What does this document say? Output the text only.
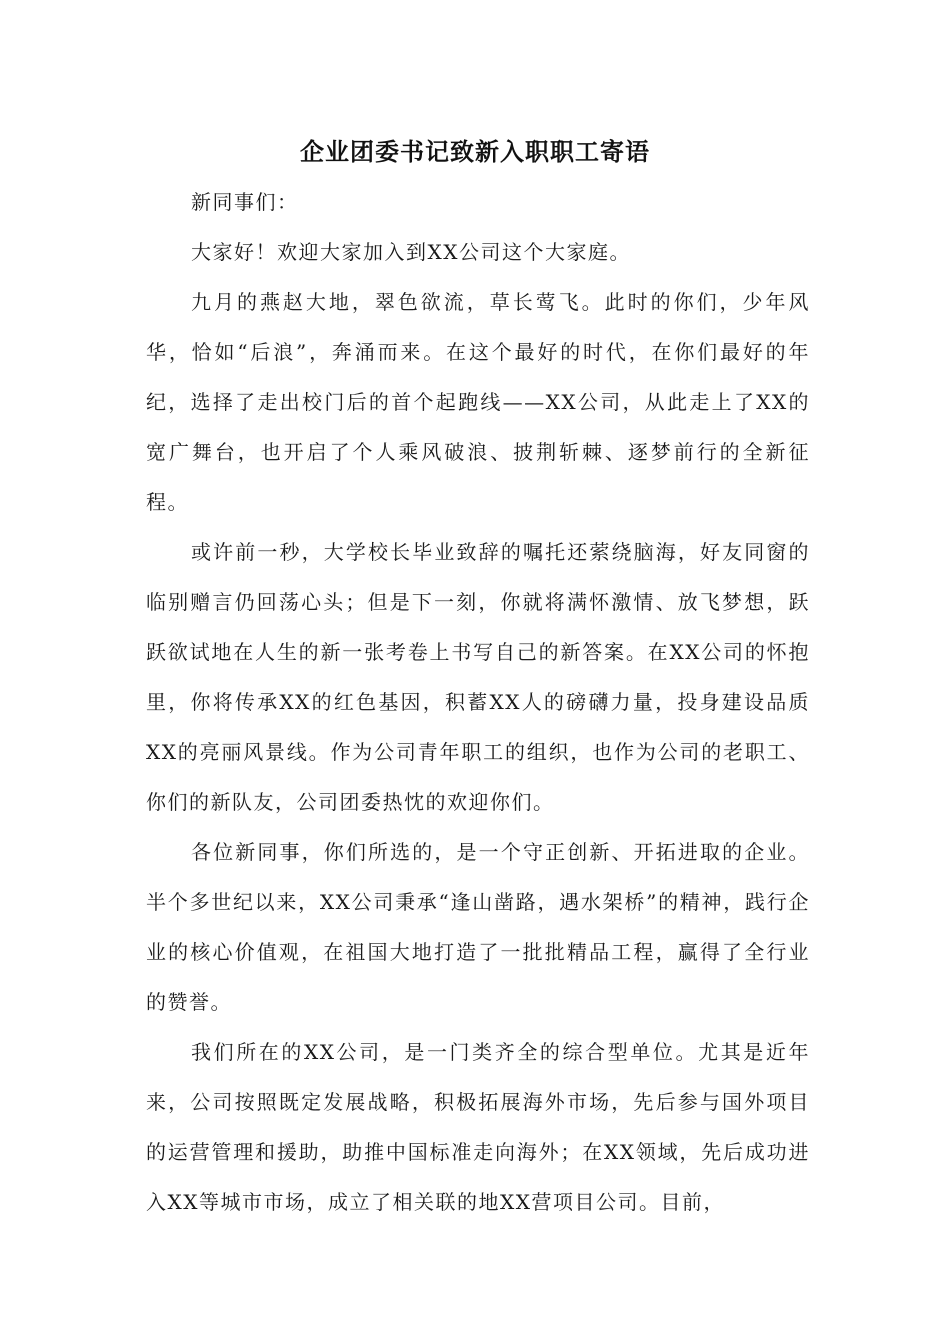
企业团委书记致新入职职工寄语

新同事们：

大家好！欢迎大家加入到XX公司这个大家庭。

九月的燕赵大地，翠色欲流，草长莺飞。此时的你们，少年风华，恰如“后浪”，奔涌而来。在这个最好的时代，在你们最好的年纪，选择了走出校门后的首个起跑线——XX公司，从此走上了XX的宽广舞台，也开启了个人乘风破浪、披荆斩棘、逐梦前行的全新征程。

或许前一秒，大学校长毕业致辞的嘱托还萦绕脑海，好友同窗的临别赠言仍回荡心头；但是下一刻，你就将满怀激情、放飞梦想，跃跃欲试地在人生的新一张考卷上书写自己的新答案。在XX公司的怀抱里，你将传承XX的红色基因，积蓄XX人的磅礴力量，投身建设品质XX的亮丽风景线。作为公司青年职工的组织，也作为公司的老职工、你们的新队友，公司团委热忱的欢迎你们。

各位新同事，你们所选的，是一个守正创新、开拓进取的企业。半个多世纪以来，XX公司秉承“逢山凿路，遇水架桥”的精神，践行企业的核心价值观，在祖国大地打造了一批批精品工程，赢得了全行业的赞誉。

我们所在的XX公司，是一门类齐全的综合型单位。尤其是近年来，公司按照既定发展战略，积极拓展海外市场，先后参与国外项目的运营管理和援助，助推中国标准走向海外；在XX领域，先后成功进入XX等城市市场，成立了相关联的地XX营项目公司。目前，
